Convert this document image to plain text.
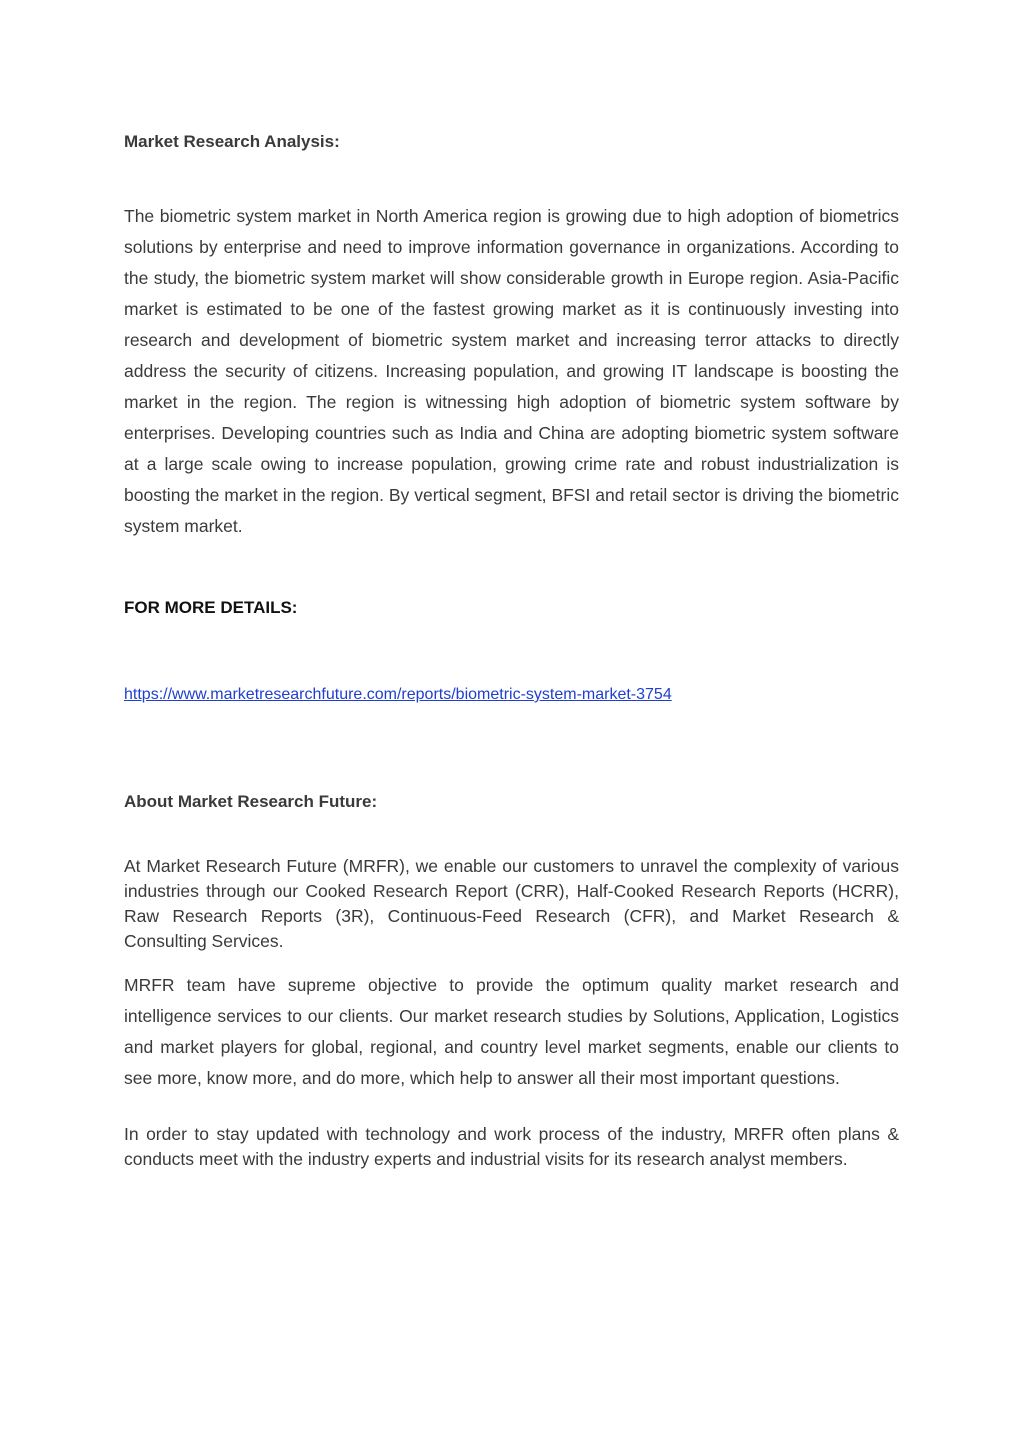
Market Research Analysis:

The biometric system market in North America region is growing due to high adoption of biometrics solutions by enterprise and need to improve information governance in organizations. According to the study, the biometric system market will show considerable growth in Europe region. Asia-Pacific market is estimated to be one of the fastest growing market as it is continuously investing into research and development of biometric system market and increasing terror attacks to directly address the security of citizens. Increasing population, and growing IT landscape is boosting the market in the region. The region is witnessing high adoption of biometric system software by enterprises. Developing countries such as India and China are adopting biometric system software at a large scale owing to increase population, growing crime rate and robust industrialization is boosting the market in the region. By vertical segment, BFSI and retail sector is driving the biometric system market.

FOR MORE DETAILS:
https://www.marketresearchfuture.com/reports/biometric-system-market-3754
About Market Research Future:

At Market Research Future (MRFR), we enable our customers to unravel the complexity of various industries through our Cooked Research Report (CRR), Half-Cooked Research Reports (HCRR), Raw Research Reports (3R), Continuous-Feed Research (CFR), and Market Research & Consulting Services.

MRFR team have supreme objective to provide the optimum quality market research and intelligence services to our clients. Our market research studies by Solutions, Application, Logistics and market players for global, regional, and country level market segments, enable our clients to see more, know more, and do more, which help to answer all their most important questions.

In order to stay updated with technology and work process of the industry, MRFR often plans & conducts meet with the industry experts and industrial visits for its research analyst members.
